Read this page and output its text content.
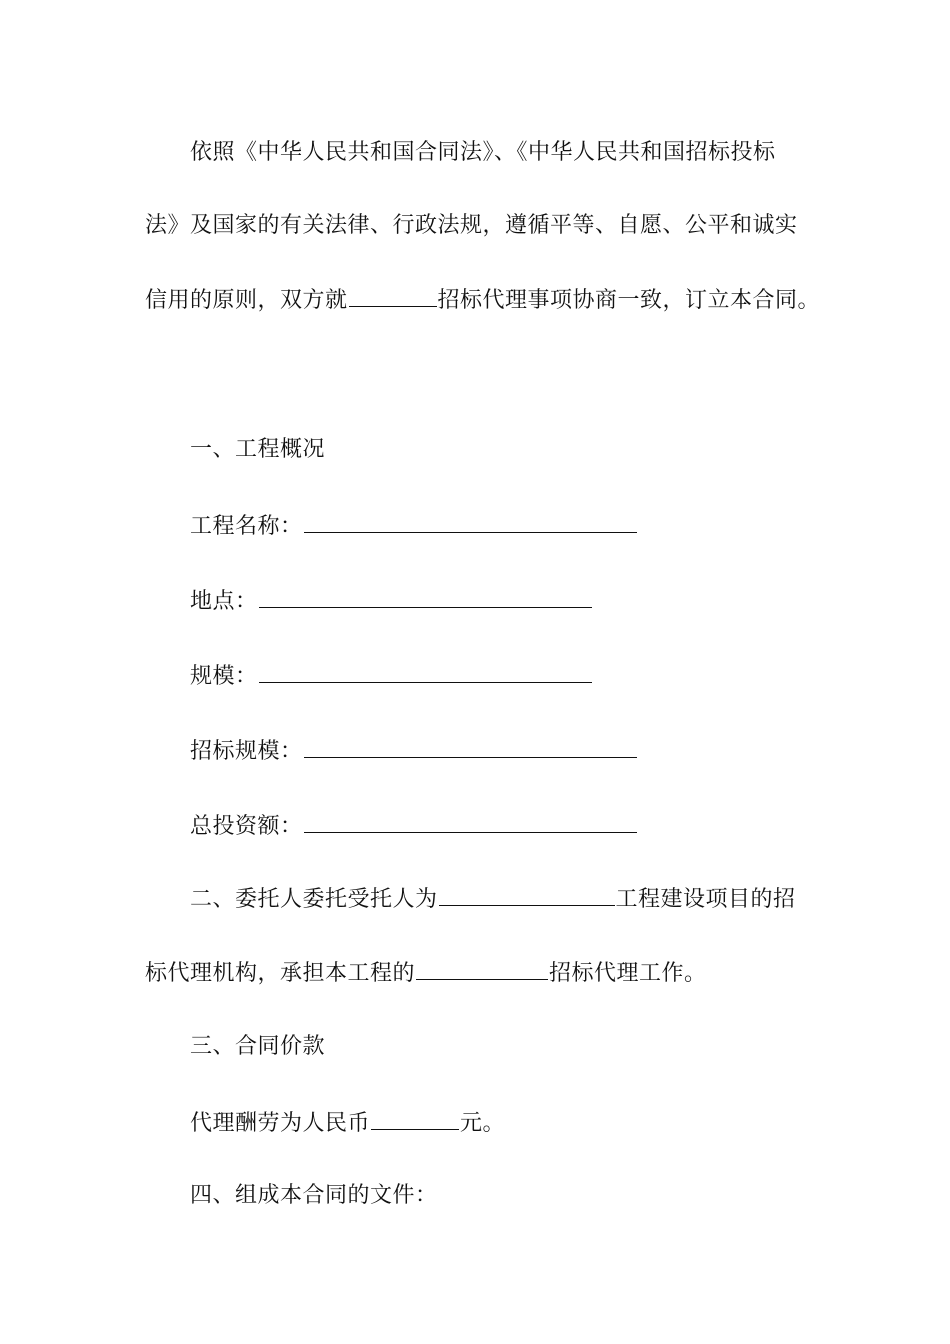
依照《中华人民共和国合同法》、《中华人民共和国招标投标
法》及国家的有关法律、行政法规，遵循平等、自愿、公平和诚实
信用的原则，双方就	招标代理事项协商一致，订立本合同。
一、工程概况
工程名称：
地点：
规模：
招标规模：
总投资额：
二、委托人委托受托人为	工程建设项目的招
标代理机构，承担本工程的	招标代理工作。
三、合同价款
代理酬劳为人民币	元。
四、组成本合同的文件：
